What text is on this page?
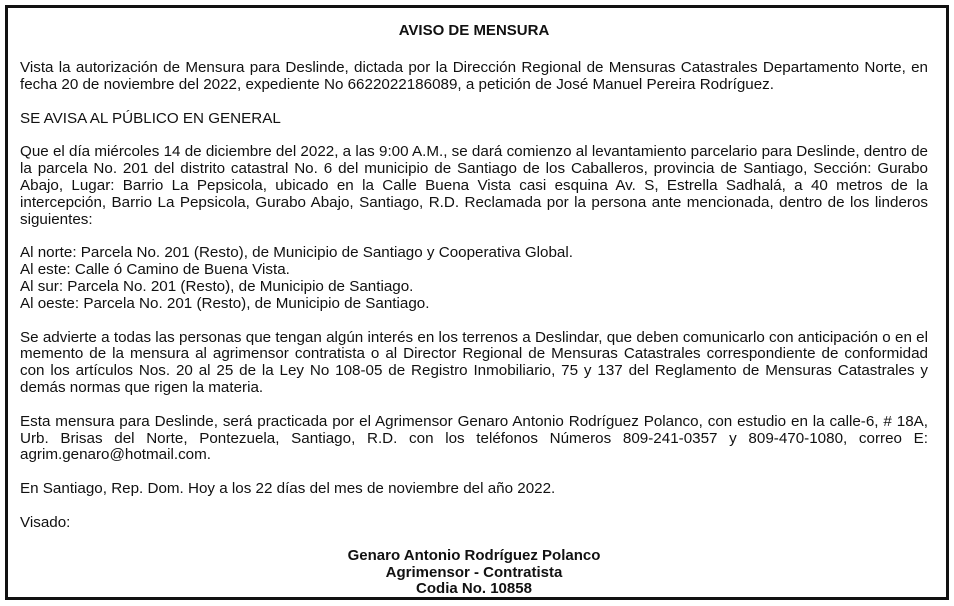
AVISO DE MENSURA

Vista la autorización de Mensura para Deslinde, dictada por la Dirección Regional de Mensuras Catastrales Departamento Norte, en fecha 20 de noviembre del 2022, expediente No 6622022186089, a petición de José Manuel Pereira Rodríguez.

SE AVISA AL PÚBLICO EN GENERAL

Que el día miércoles 14 de diciembre del 2022, a las 9:00 A.M., se dará comienzo al levantamiento parcelario para Deslinde, dentro de la parcela No. 201 del distrito catastral No. 6 del municipio de Santiago de los Caballeros, provincia de Santiago, Sección: Gurabo Abajo, Lugar: Barrio La Pepsicola, ubicado en la Calle Buena Vista casi esquina Av. S, Estrella Sadhalá, a 40 metros de la intercepción, Barrio La Pepsicola, Gurabo Abajo, Santiago, R.D. Reclamada por la persona ante mencionada, dentro de los linderos siguientes:

Al norte: Parcela No. 201 (Resto), de Municipio de Santiago y Cooperativa Global.
Al este: Calle ó Camino de Buena Vista.
Al sur: Parcela No. 201 (Resto), de Municipio de Santiago.
Al oeste: Parcela No. 201 (Resto), de Municipio de Santiago.

Se advierte a todas las personas que tengan algún interés en los terrenos a Deslindar, que deben comunicarlo con anticipación o en el memento de la mensura al agrimensor contratista o al Director Regional de Mensuras Catastrales correspondiente de conformidad con los artículos Nos. 20 al 25 de la Ley No 108-05 de Registro Inmobiliario, 75 y 137 del Reglamento de Mensuras Catastrales y demás normas que rigen la materia.

Esta mensura para Deslinde, será practicada por el Agrimensor Genaro Antonio Rodríguez Polanco, con estudio en la calle-6, # 18A, Urb. Brisas del Norte, Pontezuela, Santiago, R.D. con los teléfonos Números 809-241-0357 y 809-470-1080, correo E: agrim.genaro@hotmail.com.

En Santiago, Rep. Dom. Hoy a los 22 días del mes de noviembre del año 2022.

Visado:

Genaro Antonio Rodríguez Polanco
Agrimensor - Contratista
Codia No. 10858
